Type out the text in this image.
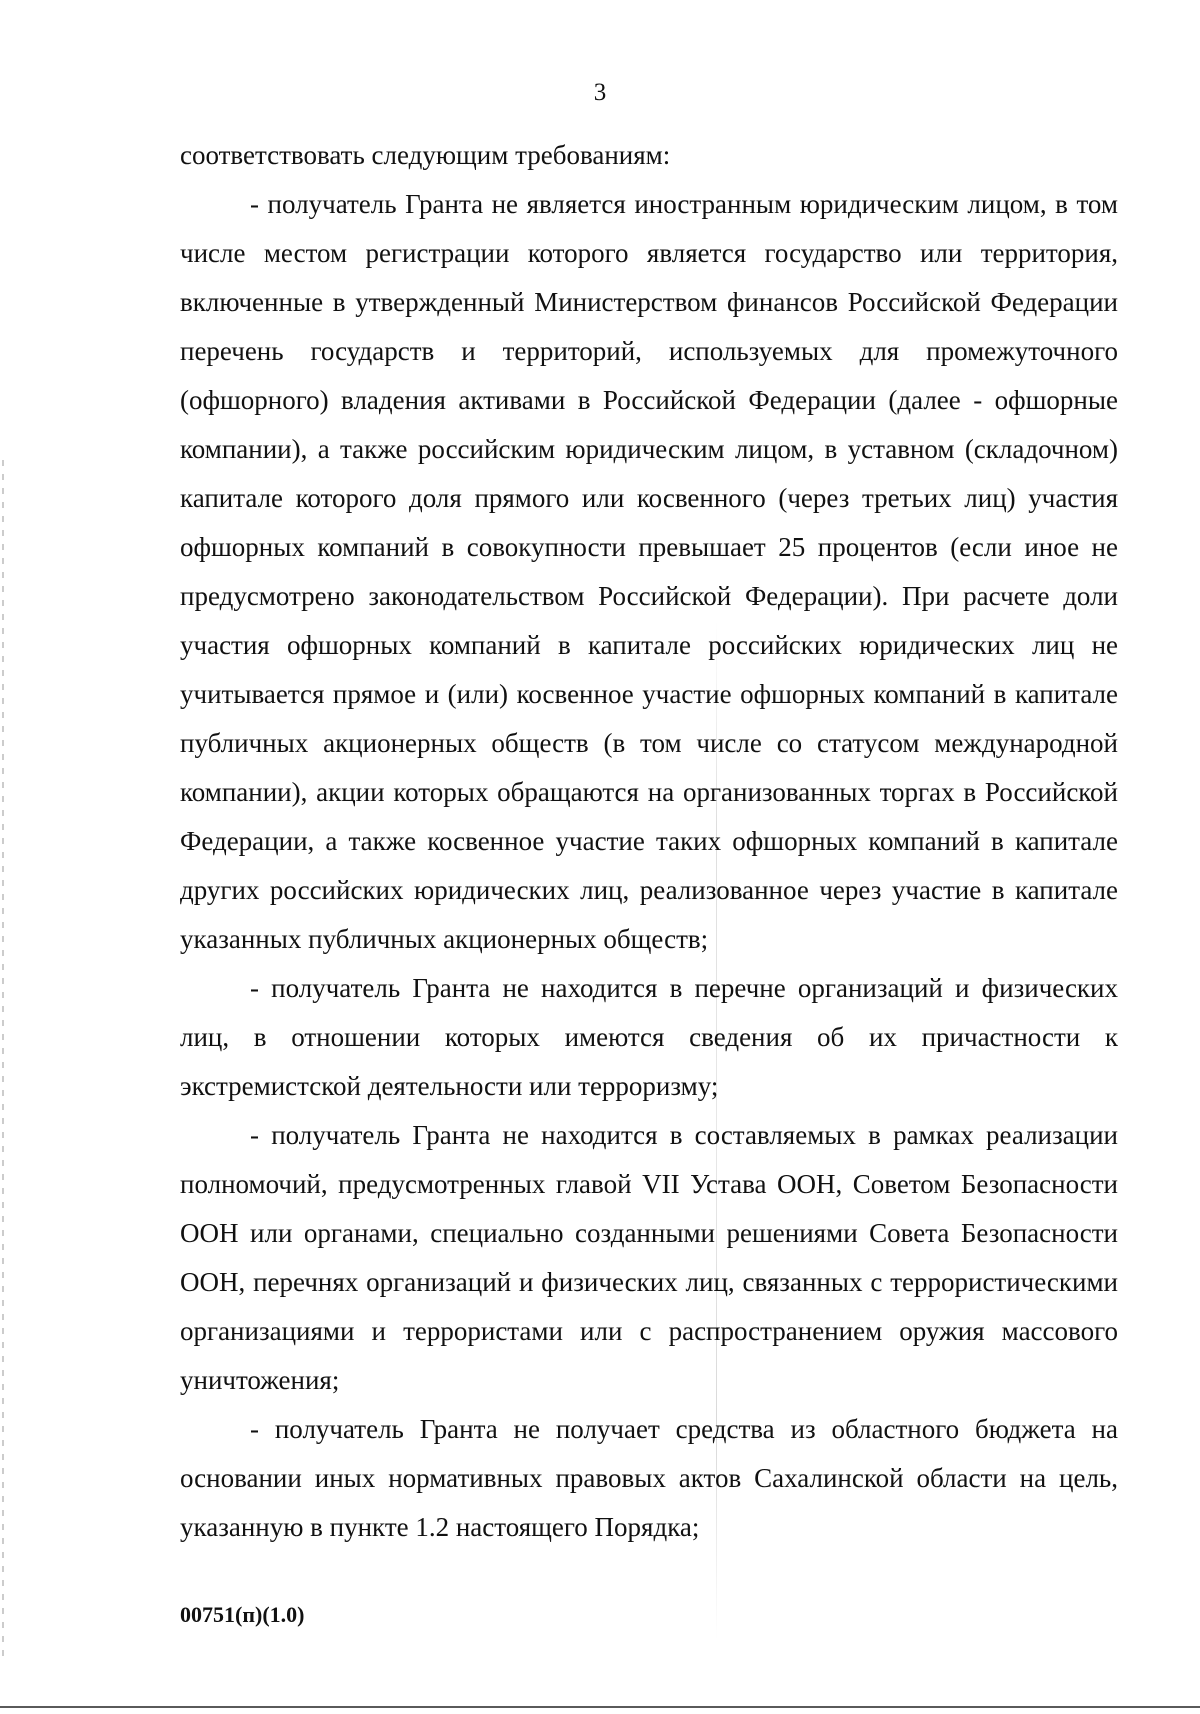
3

соответствовать следующим требованиям:

- получатель Гранта не является иностранным юридическим лицом, в том числе местом регистрации которого является государство или территория, включенные в утвержденный Министерством финансов Российской Федерации перечень государств и территорий, используемых для промежуточного (офшорного) владения активами в Российской Федерации (далее - офшорные компании), а также российским юридическим лицом, в уставном (складочном) капитале которого доля прямого или косвенного (через третьих лиц) участия офшорных компаний в совокупности превышает 25 процентов (если иное не предусмотрено законодательством Российской Федерации). При расчете доли участия офшорных компаний в капитале российских юридических лиц не учитывается прямое и (или) косвенное участие офшорных компаний в капитале публичных акционерных обществ (в том числе со статусом международной компании), акции которых обращаются на организованных торгах в Российской Федерации, а также косвенное участие таких офшорных компаний в капитале других российских юридических лиц, реализованное через участие в капитале указанных публичных акционерных обществ;

- получатель Гранта не находится в перечне организаций и физических лиц, в отношении которых имеются сведения об их причастности к экстремистской деятельности или терроризму;

- получатель Гранта не находится в составляемых в рамках реализации полномочий, предусмотренных главой VII Устава ООН, Советом Безопасности ООН или органами, специально созданными решениями Совета Безопасности ООН, перечнях организаций и физических лиц, связанных с террористическими организациями и террористами или с распространением оружия массового уничтожения;

- получатель Гранта не получает средства из областного бюджета на основании иных нормативных правовых актов Сахалинской области на цель, указанную в пункте 1.2 настоящего Порядка;

00751(п)(1.0)
